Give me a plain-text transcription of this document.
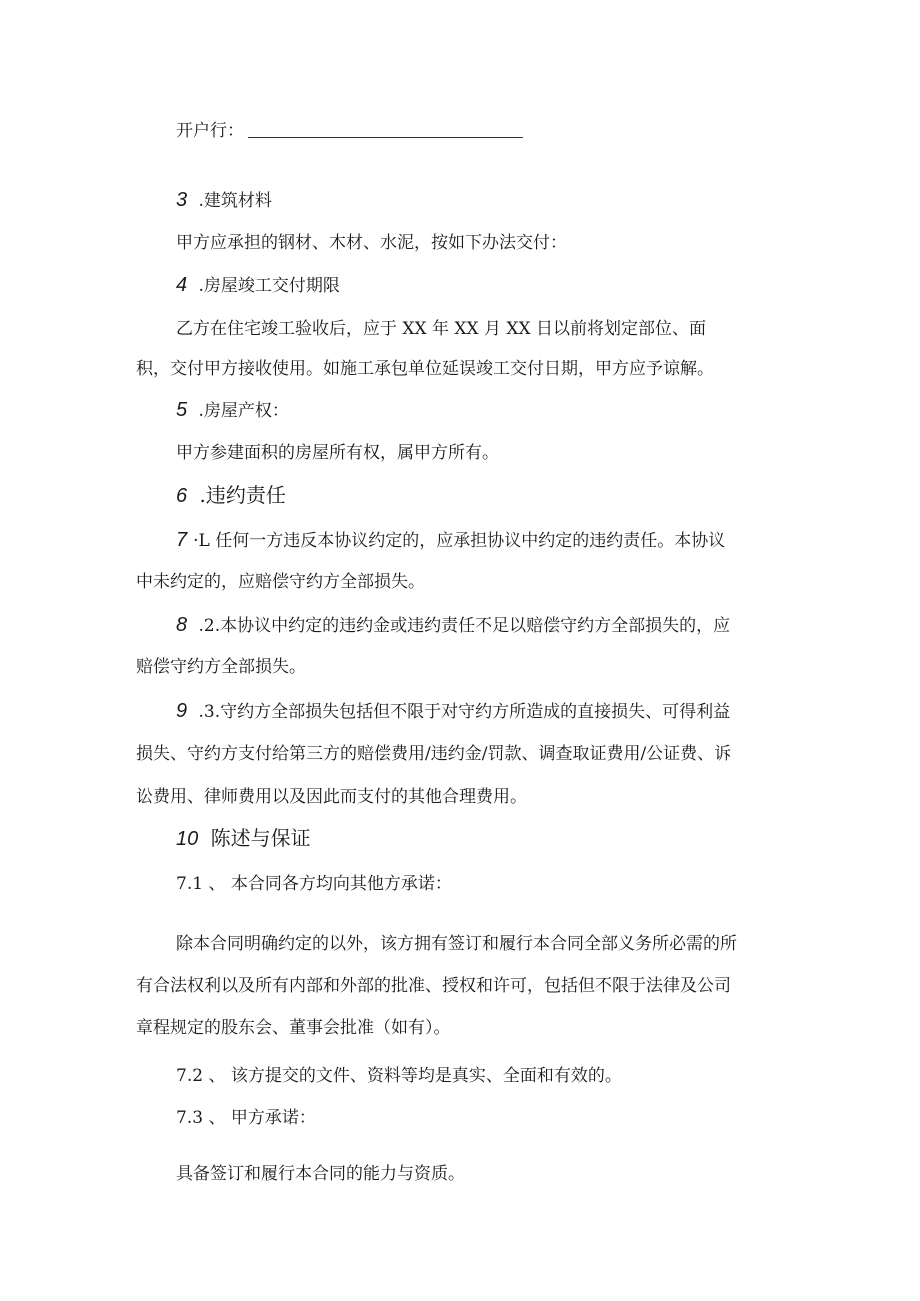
开户行：
3 .建筑材料
甲方应承担的钢材、木材、水泥，按如下办法交付：
4 .房屋竣工交付期限
乙方在住宅竣工验收后，应于 XX 年 XX 月 XX 日以前将划定部位、面
积，交付甲方接收使用。如施工承包单位延误竣工交付日期，甲方应予谅解。
5 .房屋产权：
甲方参建面积的房屋所有权，属甲方所有。
6 .违约责任
7 ·L 任何一方违反本协议约定的，应承担协议中约定的违约责任。本协议
中未约定的，应赔偿守约方全部损失。
8 .2.本协议中约定的违约金或违约责任不足以赔偿守约方全部损失的，应
赔偿守约方全部损失。
9 .3.守约方全部损失包括但不限于对守约方所造成的直接损失、可得利益
损失、守约方支付给第三方的赔偿费用/违约金/罚款、调查取证费用/公证费、诉
讼费用、律师费用以及因此而支付的其他合理费用。
10 陈述与保证
7.1 、 本合同各方均向其他方承诺：
除本合同明确约定的以外，该方拥有签订和履行本合同全部义务所必需的所
有合法权利以及所有内部和外部的批准、授权和许可，包括但不限于法律及公司
章程规定的股东会、董事会批准（如有）。
7.2 、 该方提交的文件、资料等均是真实、全面和有效的。
7.3 、 甲方承诺：
具备签订和履行本合同的能力与资质。
